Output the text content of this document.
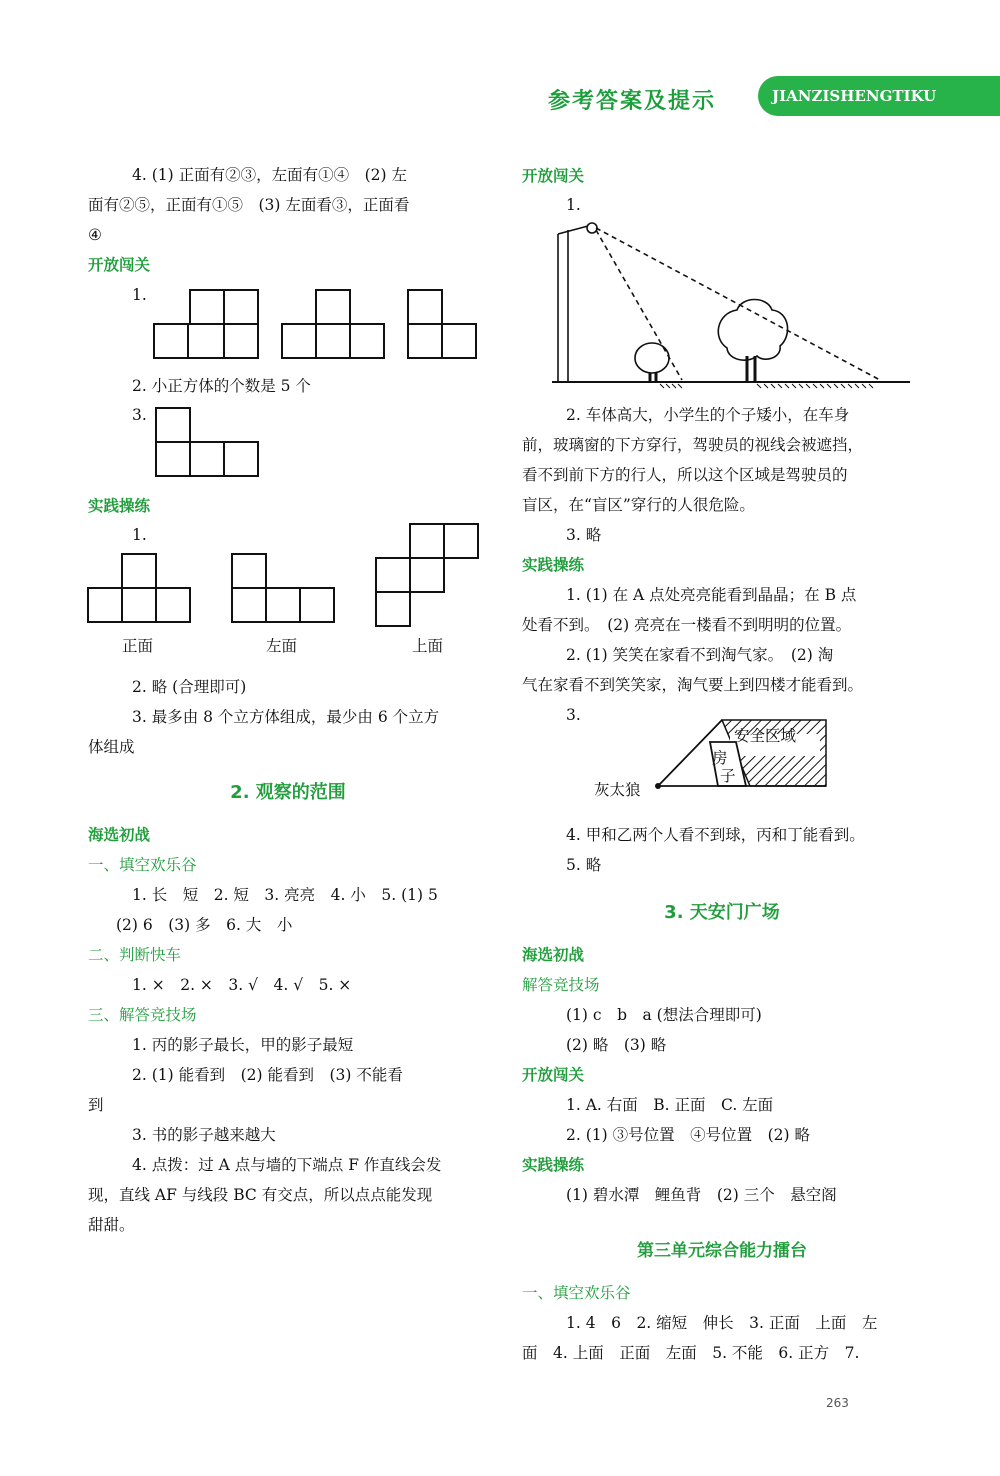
参考答案及提示	JIANZISHENGTIKU
4. (1) 正面有②③，左面有①④　(2) 左
面有②⑤，正面有①⑤　(3) 左面看③，正面看
④
开放闯关
1.
2. 小正方体的个数是 5 个
3.
实践操练
1.
正面	左面	上面
2. 略 (合理即可)
3. 最多由 8 个立方体组成，最少由 6 个立方
体组成
2. 观察的范围
海选初战
一、填空欢乐谷
1. 长　短　2. 短　3. 亮亮　4. 小　5. (1) 5
(2) 6　(3) 多　6. 大　小
二、判断快车
1. ×　2. ×　3. √　4. √　5. ×
三、解答竞技场
1. 丙的影子最长，甲的影子最短
2. (1) 能看到　(2) 能看到　(3) 不能看
到
3. 书的影子越来越大
4. 点拨：过 A 点与墙的下端点 F 作直线会发
现，直线 AF 与线段 BC 有交点，所以点点能发现
甜甜。
开放闯关
1.
2. 车体高大，小学生的个子矮小，在车身
前，玻璃窗的下方穿行，驾驶员的视线会被遮挡，
看不到前下方的行人，所以这个区域是驾驶员的
盲区，在“盲区”穿行的人很危险。
3. 略
实践操练
1. (1) 在 A 点处亮亮能看到晶晶；在 B 点
处看不到。　(2) 亮亮在一楼看不到明明的位置。
2. (1) 笑笑在家看不到淘气家。　(2) 淘
气在家看不到笑笑家，淘气要上到四楼才能看到。
3.
安全区域
房
子
灰太狼
4. 甲和乙两个人看不到球，丙和丁能看到。
5. 略
3. 天安门广场
海选初战
解答竞技场
(1) c　b　a (想法合理即可)
(2) 略　(3) 略
开放闯关
1. A. 右面　B. 正面　C. 左面
2. (1) ③号位置　④号位置　(2) 略
实践操练
(1) 碧水潭　鲤鱼背　(2) 三个　悬空阁
第三单元综合能力擂台
一、填空欢乐谷
1. 4　6　2. 缩短　伸长　3. 正面　上面　左
面　4. 上面　正面　左面　5. 不能　6. 正方　7.
263
